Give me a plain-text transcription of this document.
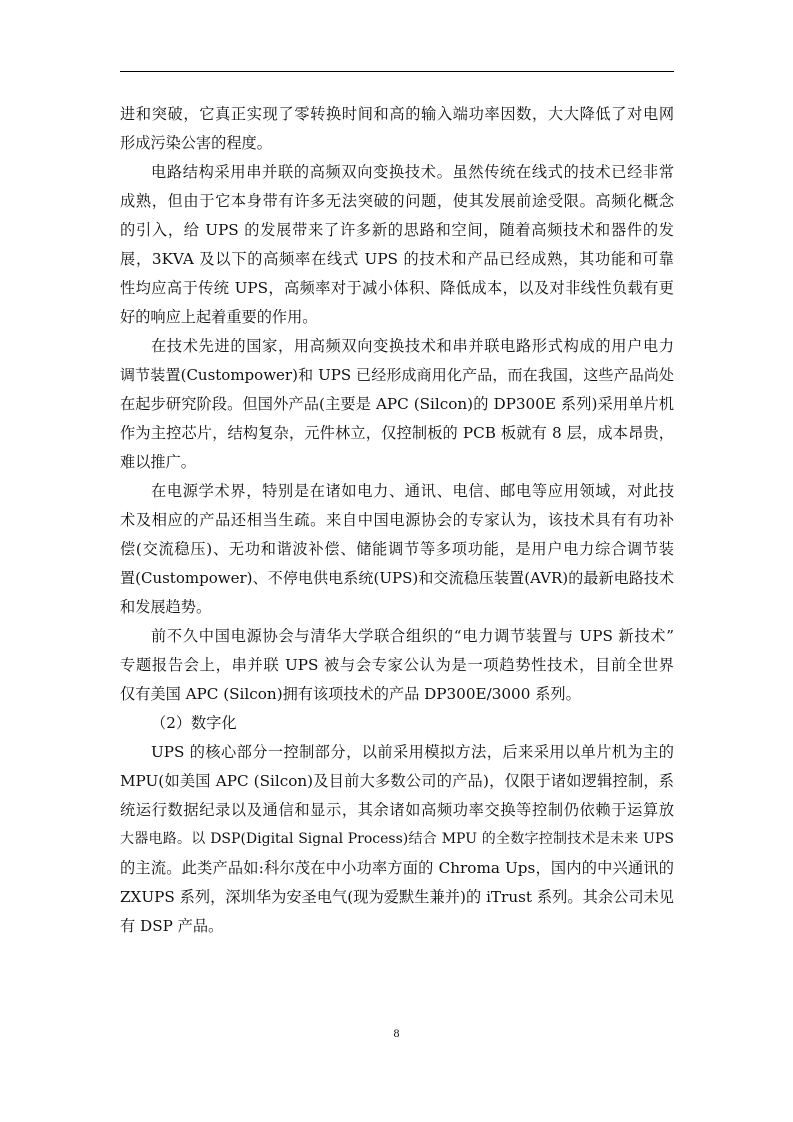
进和突破，它真正实现了零转换时间和高的输入端功率因数，大大降低了对电网
形成污染公害的程度。
电路结构采用串并联的高频双向变换技术。虽然传统在线式的技术已经非常
成熟，但由于它本身带有许多无法突破的问题，使其发展前途受限。高频化概念
的引入，给 UPS 的发展带来了许多新的思路和空间，随着高频技术和器件的发
展，3KVA 及以下的高频率在线式 UPS 的技术和产品已经成熟，其功能和可靠
性均应高于传统 UPS，高频率对于减小体积、降低成本，以及对非线性负载有更
好的响应上起着重要的作用。
在技术先进的国家，用高频双向变换技术和串并联电路形式构成的用户电力
调节装置(Custompower)和 UPS 已经形成商用化产品，而在我国，这些产品尚处
在起步研究阶段。但国外产品(主要是 APC (Silcon)的 DP300E 系列)采用单片机
作为主控芯片，结构复杂，元件林立，仅控制板的 PCB 板就有 8 层，成本昂贵，
难以推广。
在电源学术界，特别是在诸如电力、通讯、电信、邮电等应用领域，对此技
术及相应的产品还相当生疏。来自中国电源协会的专家认为，该技术具有有功补
偿(交流稳压)、无功和谐波补偿、储能调节等多项功能，是用户电力综合调节装
置(Custompower)、不停电供电系统(UPS)和交流稳压装置(AVR)的最新电路技术
和发展趋势。
前不久中国电源协会与清华大学联合组织的“电力调节装置与 UPS 新技术”
专题报告会上，串并联 UPS 被与会专家公认为是一项趋势性技术，目前全世界
仅有美国 APC (Silcon)拥有该项技术的产品 DP300E/3000 系列。
（2）数字化
UPS 的核心部分一控制部分，以前采用模拟方法，后来采用以单片机为主的
MPU(如美国 APC (Silcon)及目前大多数公司的产品)，仅限于诸如逻辑控制，系
统运行数据纪录以及通信和显示，其余诸如高频功率交换等控制仍依赖于运算放
大器电路。以 DSP(Digital Signal Process)结合 MPU 的全数字控制技术是未来 UPS
的主流。此类产品如:科尔茂在中小功率方面的 Chroma Ups，国内的中兴通讯的
ZXUPS 系列，深圳华为安圣电气(现为爱默生兼并)的 iTrust 系列。其余公司未见
有 DSP 产品。
8
